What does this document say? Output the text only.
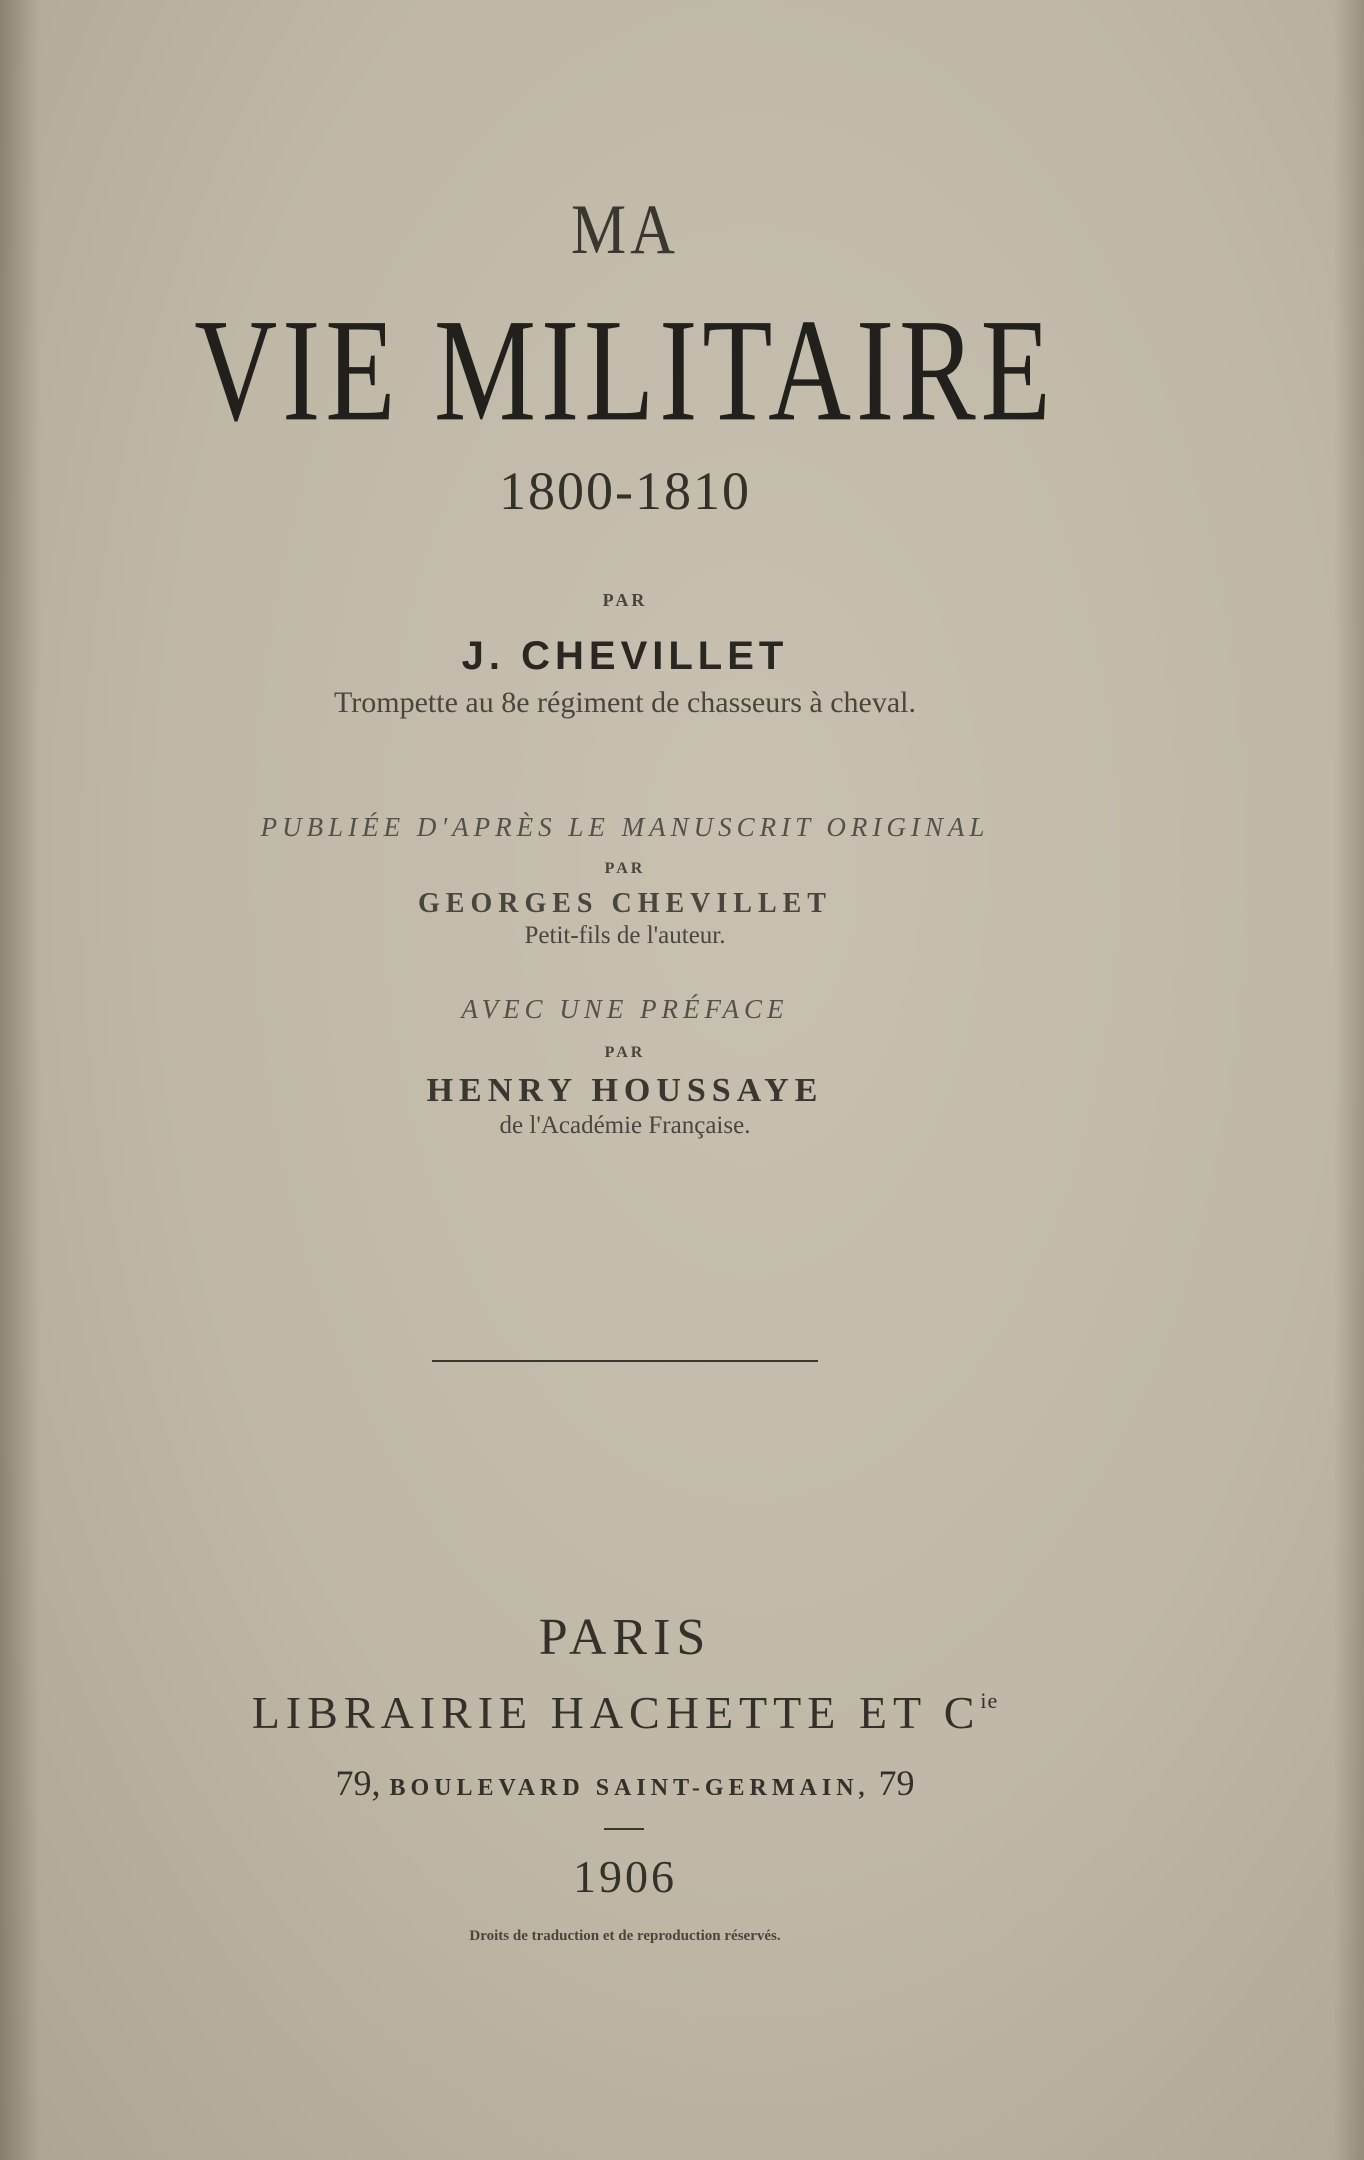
MA
VIE MILITAIRE
1800-1810
PAR
J. CHEVILLET
Trompette au 8e régiment de chasseurs à cheval.
PUBLIÉE D'APRÈS LE MANUSCRIT ORIGINAL
PAR
GEORGES CHEVILLET
Petit-fils de l'auteur.
AVEC UNE PRÉFACE
PAR
HENRY HOUSSAYE
de l'Académie Française.
PARIS
LIBRAIRIE HACHETTE ET $C^{ie}$
79, BOULEVARD SAINT-GERMAIN, 79
1906
Droits de traduction et de reproduction réservés.
